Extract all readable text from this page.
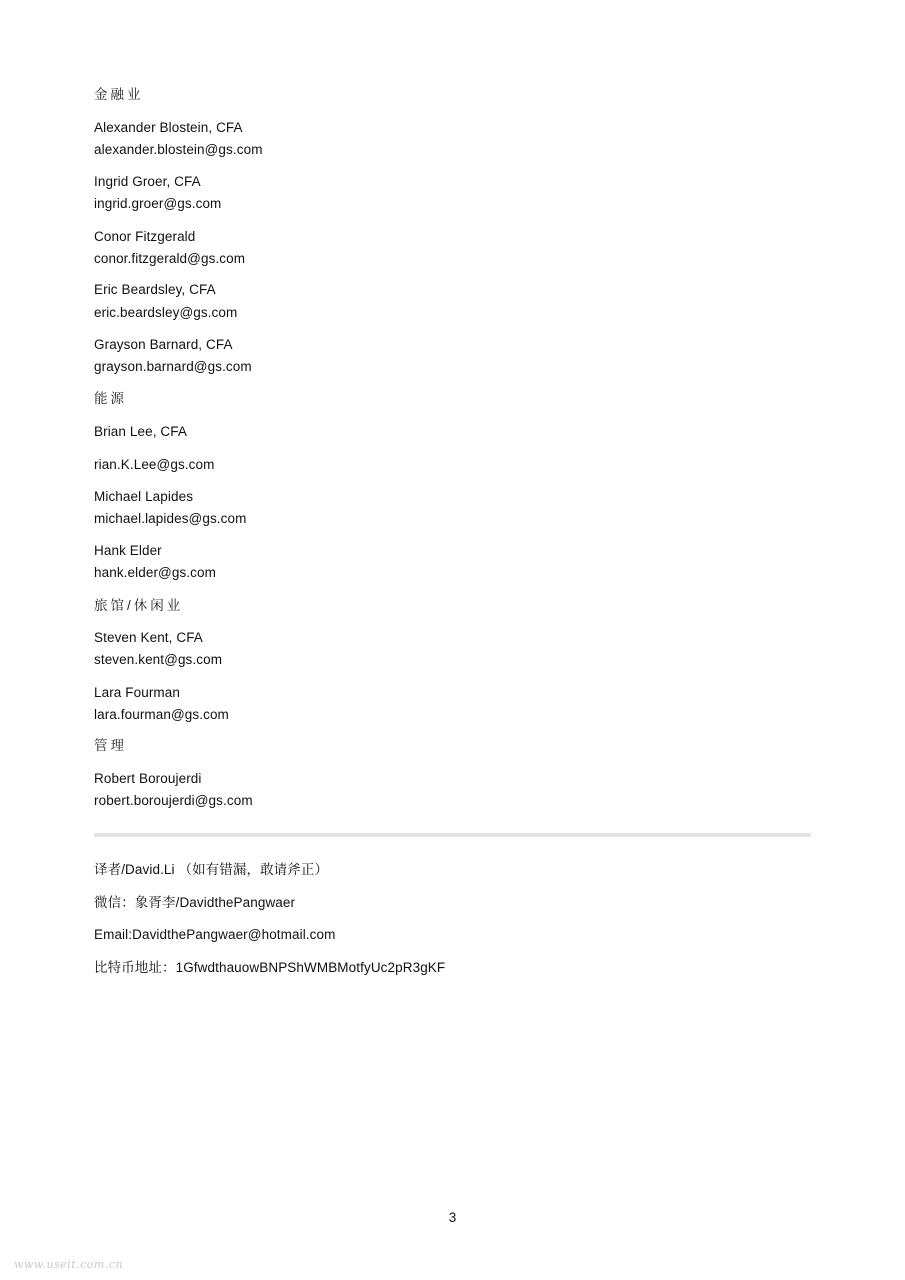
金融业
Alexander Blostein, CFA
alexander.blostein@gs.com
Ingrid Groer, CFA
ingrid.groer@gs.com
Conor Fitzgerald
conor.fitzgerald@gs.com
Eric Beardsley, CFA
eric.beardsley@gs.com
Grayson Barnard, CFA
grayson.barnard@gs.com
能源
Brian Lee, CFA
rian.K.Lee@gs.com
Michael Lapides
michael.lapides@gs.com
Hank Elder
hank.elder@gs.com
旅馆/休闲业
Steven Kent, CFA
steven.kent@gs.com
Lara Fourman
lara.fourman@gs.com
管理
Robert Boroujerdi
robert.boroujerdi@gs.com
译者/David.Li （如有错漏，敢请斧正）
微信：象胥李/DavidthePangwaer
Email:DavidthePangwaer@hotmail.com
比特币地址：1GfwdthauowBNPShWMBMotfyUc2pR3gKF
3
www.useit.com.cn
